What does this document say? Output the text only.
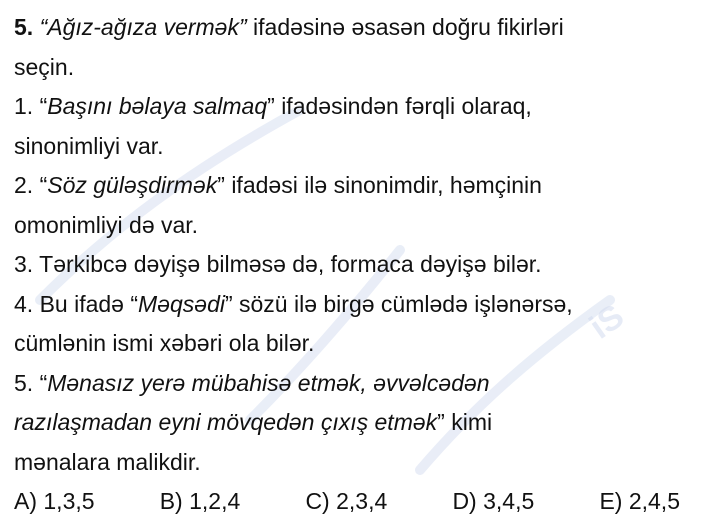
iS
5. “Ağız-ağıza vermək” ifadəsinə əsasən doğru fikirləri
seçin.
1. “Başını bəlaya salmaq” ifadəsindən fərqli olaraq,
sinonimliyi var.
2. “Söz güləşdirmək” ifadəsi ilə sinonimdir, həmçinin
omonimliyi də var.
3. Tərkibcə dəyişə bilməsə də, formaca dəyişə bilər.
4. Bu ifadə “Məqsədi” sözü ilə birgə cümlədə işlənərsə,
cümlənin ismi xəbəri ola bilər.
5. “Mənasız yerə mübahisə etmək, əvvəlcədən
razılaşmadan eyni mövqedən çıxış etmək” kimi
mənalara malikdir.
A) 1,3,5	B) 1,2,4	C) 2,3,4	D) 3,4,5	E) 2,4,5
